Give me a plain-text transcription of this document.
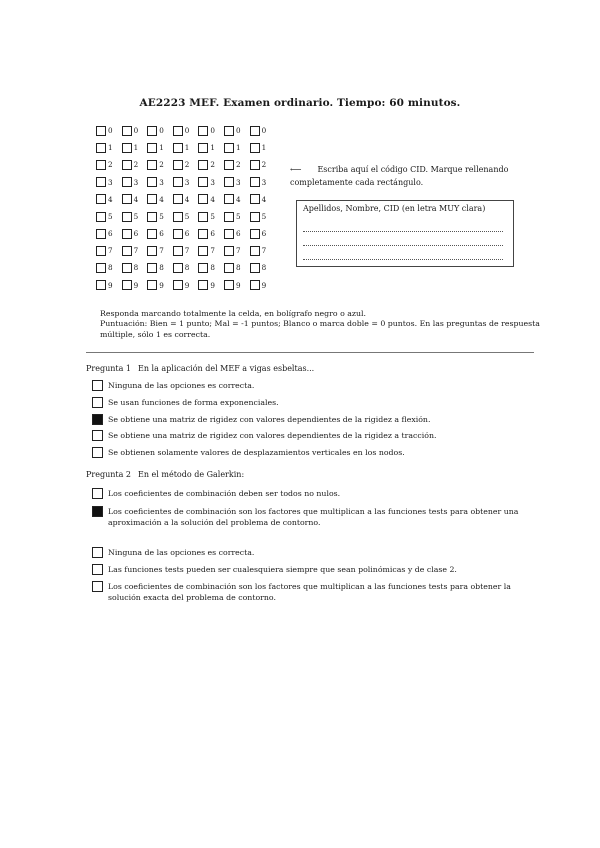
AE2223 MEF. Examen ordinario. Tiempo: 60 minutos.
0	0	0	0	0	0	0
1	1	1	1	1	1	1
2	2	2	2	2	2	2
3	3	3	3	3	3	3
4	4	4	4	4	4	4
5	5	5	5	5	5	5
6	6	6	6	6	6	6
7	7	7	7	7	7	7
8	8	8	8	8	8	8
9	9	9	9	9	9	9
⟵ Escriba aquí el código CID. Marque rellenando completamente cada rectángulo.
Apellidos, Nombre, CID (en letra MUY clara)
Responda marcando totalmente la celda, en bolígrafo negro o azul.
Puntuación: Bien = 1 punto; Mal = -1 puntos; Blanco o marca doble = 0 puntos. En las preguntas de respuesta múltiple, sólo 1 es correcta.
Pregunta 1 En la aplicación del MEF a vigas esbeltas...
Ninguna de las opciones es correcta.
Se usan funciones de forma exponenciales.
Se obtiene una matriz de rigidez con valores dependientes de la rigidez a flexión.
Se obtiene una matriz de rigidez con valores dependientes de la rigidez a tracción.
Se obtienen solamente valores de desplazamientos verticales en los nodos.
Pregunta 2 En el método de Galerkin:
Los coeficientes de combinación deben ser todos no nulos.
Los coeficientes de combinación son los factores que multiplican a las funciones tests para obtener una aproximación a la solución del problema de contorno.
Ninguna de las opciones es correcta.
Las funciones tests pueden ser cualesquiera siempre que sean polinómicas y de clase 2.
Los coeficientes de combinación son los factores que multiplican a las funciones tests para obtener la solución exacta del problema de contorno.
